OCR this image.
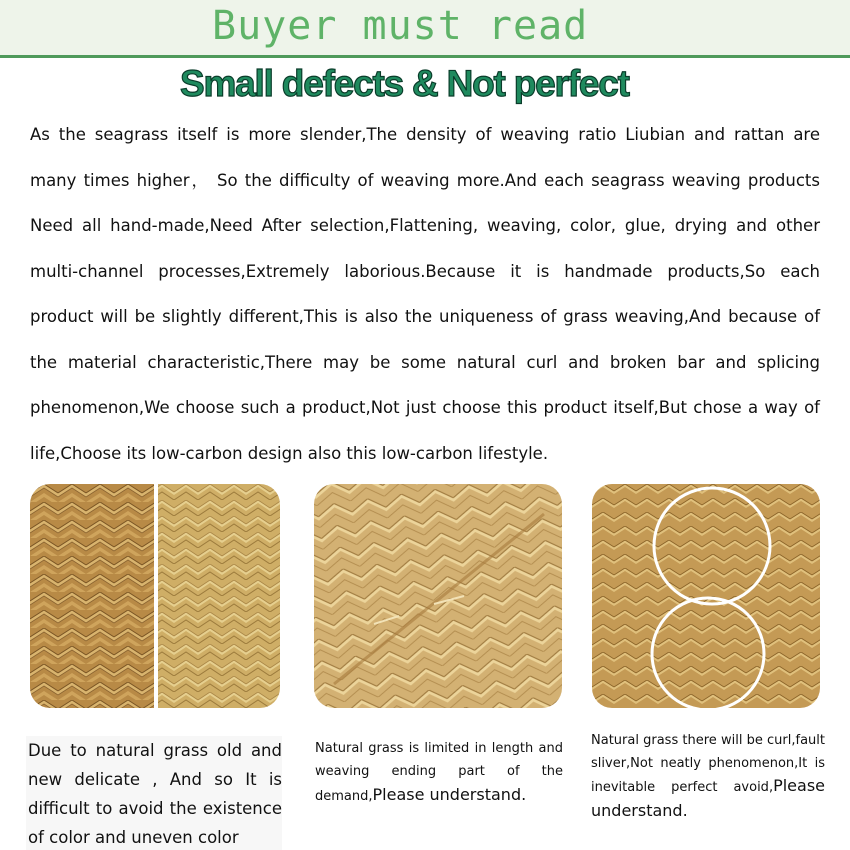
Buyer must read
Small defects & Not perfect
As the seagrass itself is more slender,The density of weaving ratio Liubian and rattan are many times higher， So the difficulty of weaving more.And each seagrass weaving products Need all hand-made,Need After selection,Flattening, weaving, color, glue, drying and other multi-channel processes,Extremely laborious.Because it is handmade products,So each product will be slightly different,This is also the uniqueness of grass weaving,And because of the material characteristic,There may be some natural curl and broken bar and splicing phenomenon,We choose such a product,Not just choose this product itself,But chose a way of life,Choose its low-carbon design also this low-carbon lifestyle.
Due to natural grass old and new delicate , And so It is difficult to avoid the existence of color and uneven color
Natural grass is limited in length and weaving ending part of the demand,Please understand.
Natural grass there will be curl,fault sliver,Not neatly phenomenon,It is inevitable perfect avoid,Please understand.
